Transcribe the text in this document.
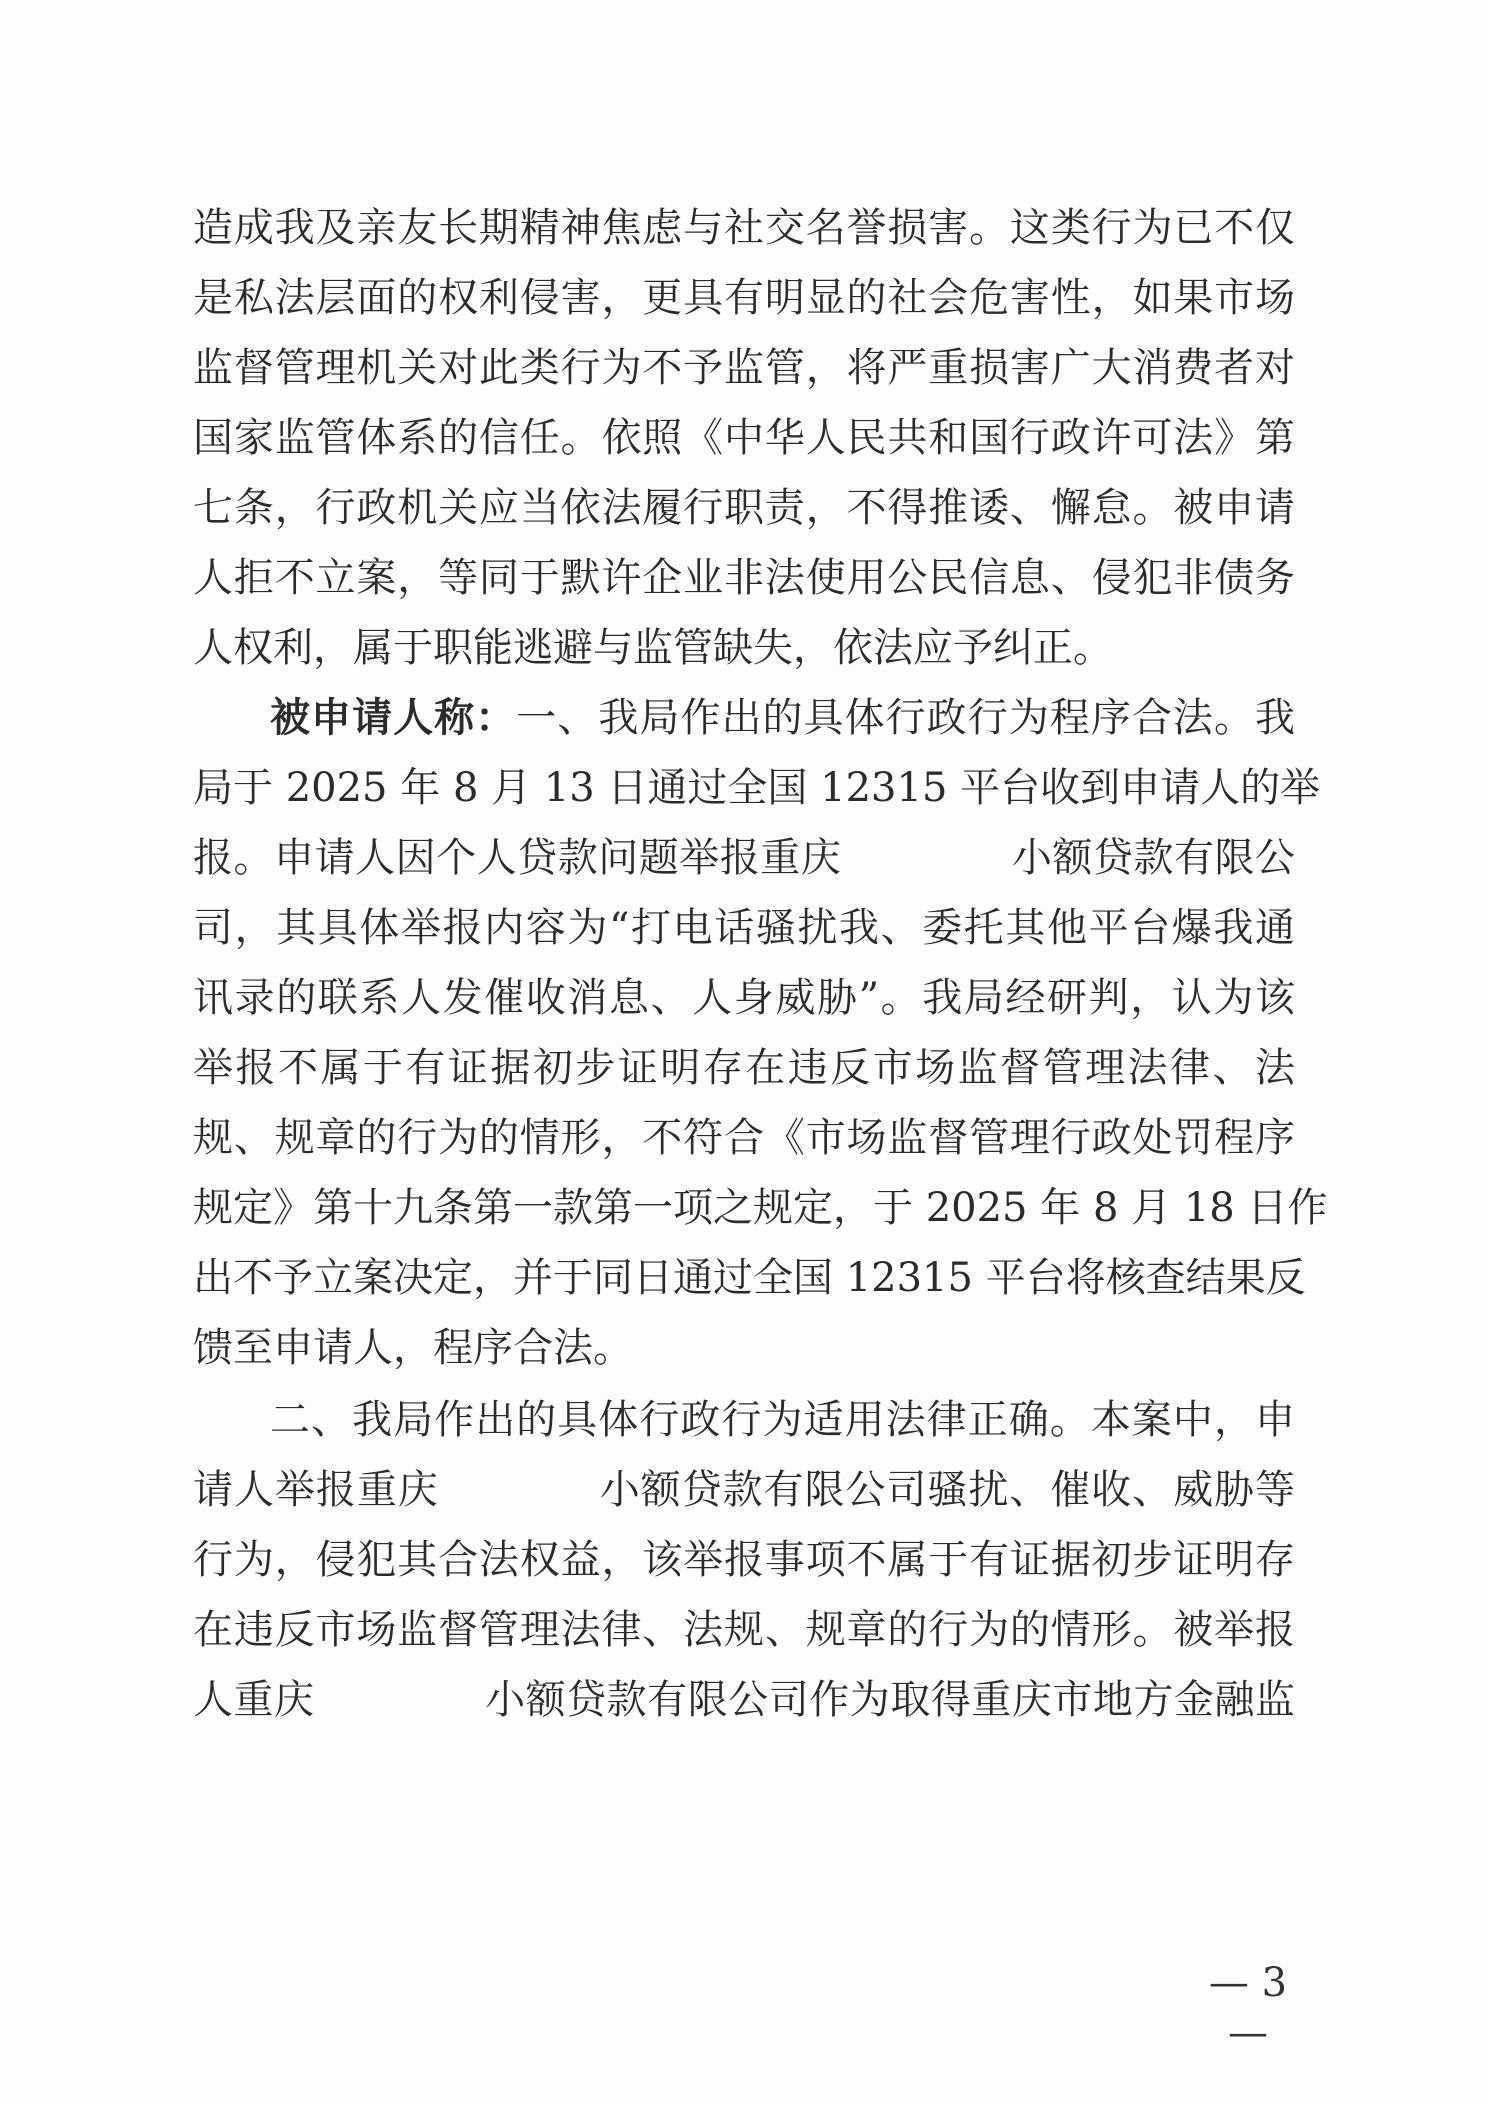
造成我及亲友长期精神焦虑与社交名誉损害。这类行为已不仅
是私法层面的权利侵害，更具有明显的社会危害性，如果市场
监督管理机关对此类行为不予监管，将严重损害广大消费者对
国家监管体系的信任。依照《中华人民共和国行政许可法》第
七条，行政机关应当依法履行职责，不得推诿、懈怠。被申请
人拒不立案，等同于默许企业非法使用公民信息、侵犯非债务
人权利，属于职能逃避与监管缺失，依法应予纠正。
被申请人称：一、我局作出的具体行政行为程序合法。我
局于 2025 年 8 月 13 日通过全国 12315 平台收到申请人的举
报。申请人因个人贷款问题举报重庆	小额贷款有限公
司，其具体举报内容为“打电话骚扰我、委托其他平台爆我通
讯录的联系人发催收消息、人身威胁”。我局经研判，认为该
举报不属于有证据初步证明存在违反市场监督管理法律、法
规、规章的行为的情形，不符合《市场监督管理行政处罚程序
规定》第十九条第一款第一项之规定，于 2025 年 8 月 18 日作
出不予立案决定，并于同日通过全国 12315 平台将核查结果反
馈至申请人，程序合法。
二、我局作出的具体行政行为适用法律正确。本案中，申
请人举报重庆	小额贷款有限公司骚扰、催收、威胁等
行为，侵犯其合法权益，该举报事项不属于有证据初步证明存
在违反市场监督管理法律、法规、规章的行为的情形。被举报
人重庆	小额贷款有限公司作为取得重庆市地方金融监
— 3 —
